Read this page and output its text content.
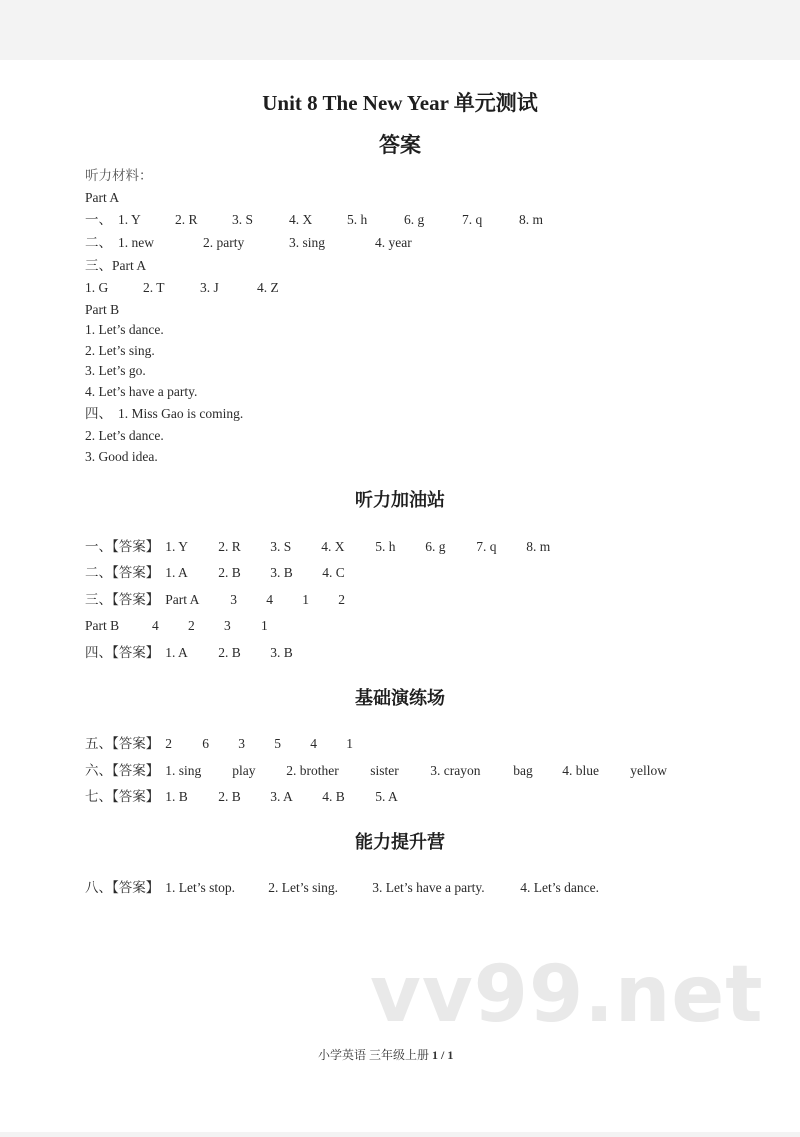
Unit 8 The New Year 单元测试
答案
听力材料：
Part A
一、 1. Y	2. R	3. S	4. X	5. h	6. g	7. q	8. m
二、 1. new	2. party	3. sing	4. year
三、Part A
1. G	2. T	3. J	4. Z
Part B
1. Let’s dance.
2. Let’s sing.
3. Let’s go.
4. Let’s have a party.
四、 1. Miss Gao is coming.
2. Let’s dance.
3. Good idea.
听力加油站
一、【答案】 1. Y	2. R	3. S	4. X	5. h	6. g	7. q	8. m
二、【答案】 1. A	2. B	3. B	4. C
三、【答案】 Part A	3	4	1	2
Part B	4	2	3	1
四、【答案】 1. A	2. B	3. B
基础演练场
五、【答案】 2	6	3	5	4	1
六、【答案】 1. sing	play	2. brother	sister	3. crayon	bag	4. blue	yellow
七、【答案】 1. B	2. B	3. A	4. B	5. A
能力提升营
八、【答案】 1. Let’s stop.	2. Let’s sing.	3. Let’s have a party.	4. Let’s dance.
vv99.net
小学英语 三年级上册 1 / 1
